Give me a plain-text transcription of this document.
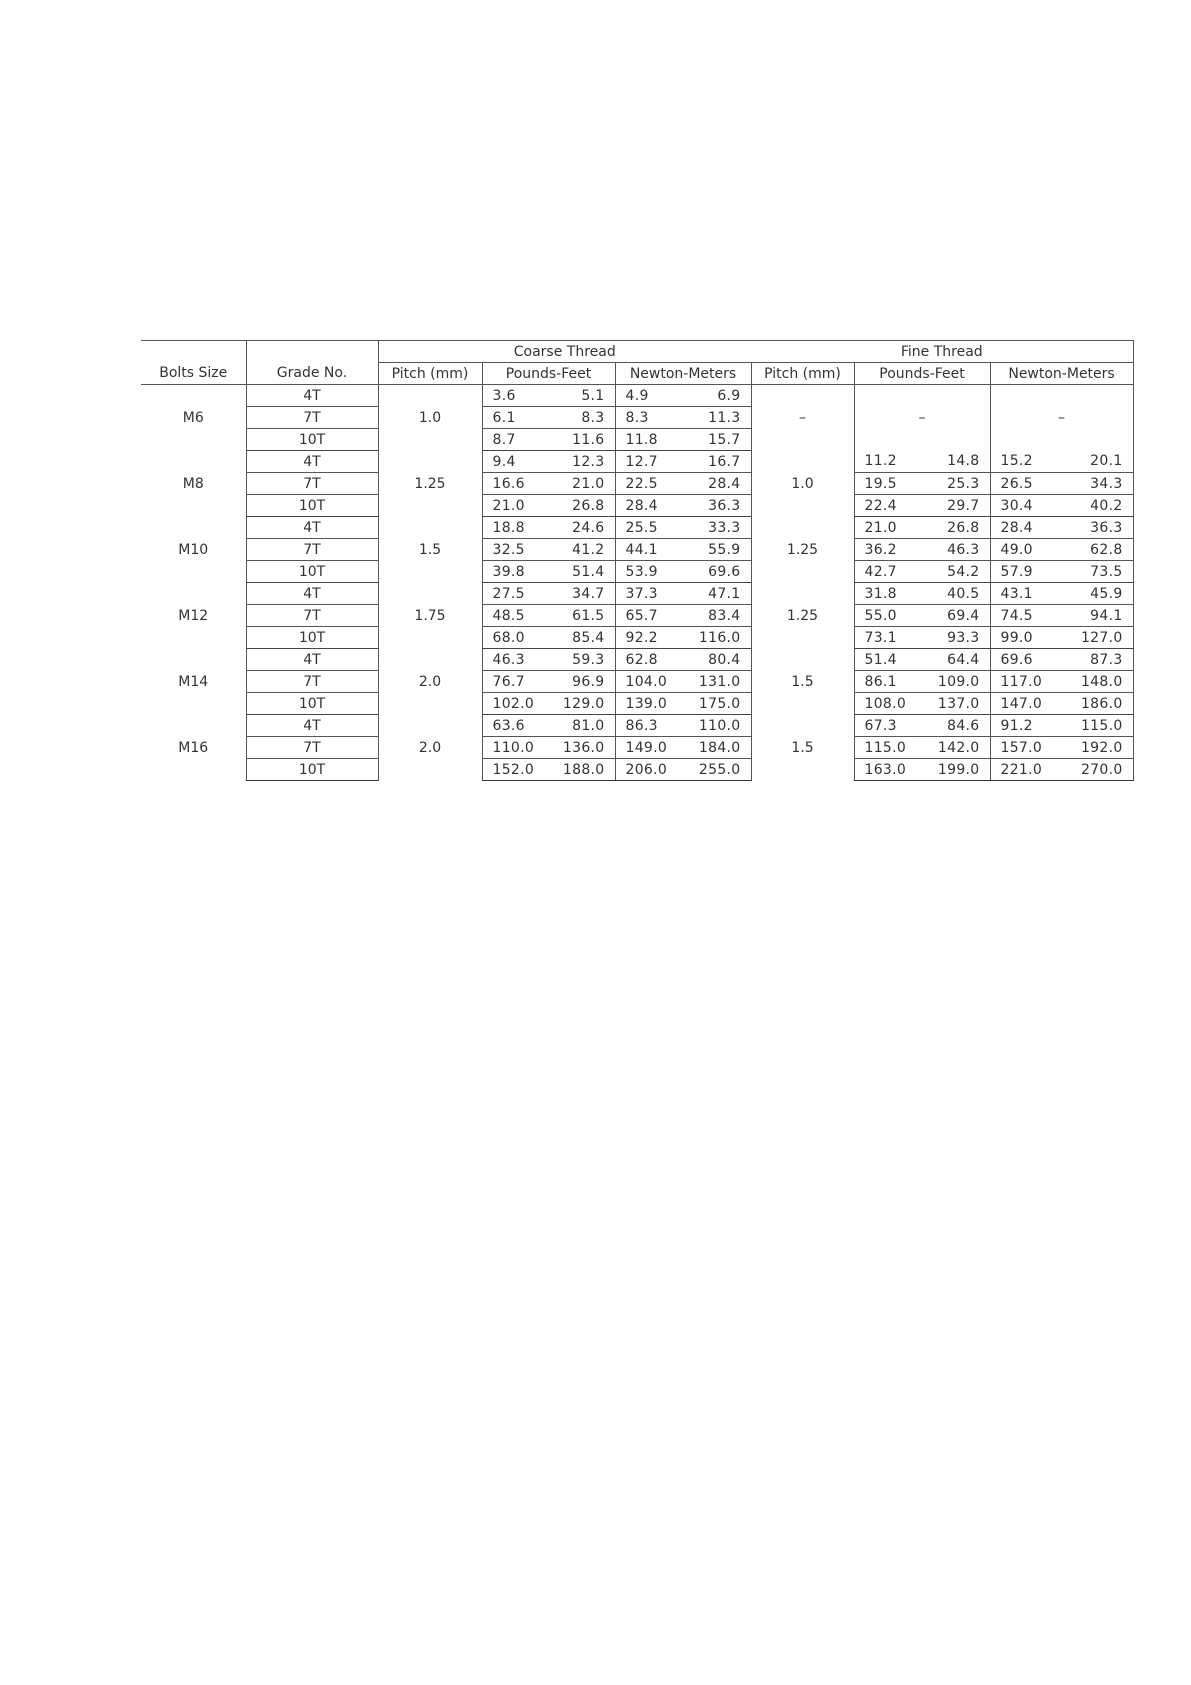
		Coarse Thread			Fine Thread		
Bolts Size	Grade No.	Pitch (mm)	Pounds-Feet	Newton-Meters	Pitch (mm)	Pounds-Feet	Newton-Meters
M6	4T	1.0	3.6 5.1	4.9 6.9	–	–	–
	7T		6.1 8.3	8.3 11.3			

	10T		8.7 11.6	11.8 15.7			

M8	4T	1.25	9.4 12.3	12.7 16.7	1.0	11.2 14.8	15.2 20.1

	7T		16.6 21.0	22.5 28.4		19.5 25.3	26.5 34.3

	10T		21.0 26.8	28.4 36.3		22.4 29.7	30.4 40.2

M10	4T	1.5	18.8 24.6	25.5 33.3	1.25	21.0 26.8	28.4 36.3

	7T		32.5 41.2	44.1 55.9		36.2 46.3	49.0 62.8

	10T		39.8 51.4	53.9 69.6		42.7 54.2	57.9 73.5

M12	4T	1.75	27.5 34.7	37.3 47.1	1.25	31.8 40.5	43.1 45.9

	7T		48.5 61.5	65.7 83.4		55.0 69.4	74.5 94.1

	10T		68.0 85.4	92.2 116.0		73.1 93.3	99.0 127.0

M14	4T	2.0	46.3 59.3	62.8 80.4	1.5	51.4 64.4	69.6 87.3

	7T		76.7 96.9	104.0 131.0		86.1 109.0	117.0 148.0

	10T		102.0 129.0	139.0 175.0		108.0 137.0	147.0 186.0

M16	4T	2.0	63.6 81.0	86.3 110.0	1.5	67.3 84.6	91.2 115.0

	7T		110.0 136.0	149.0 184.0		115.0 142.0	157.0 192.0

	10T		152.0 188.0	206.0 255.0		163.0 199.0	221.0 270.0
